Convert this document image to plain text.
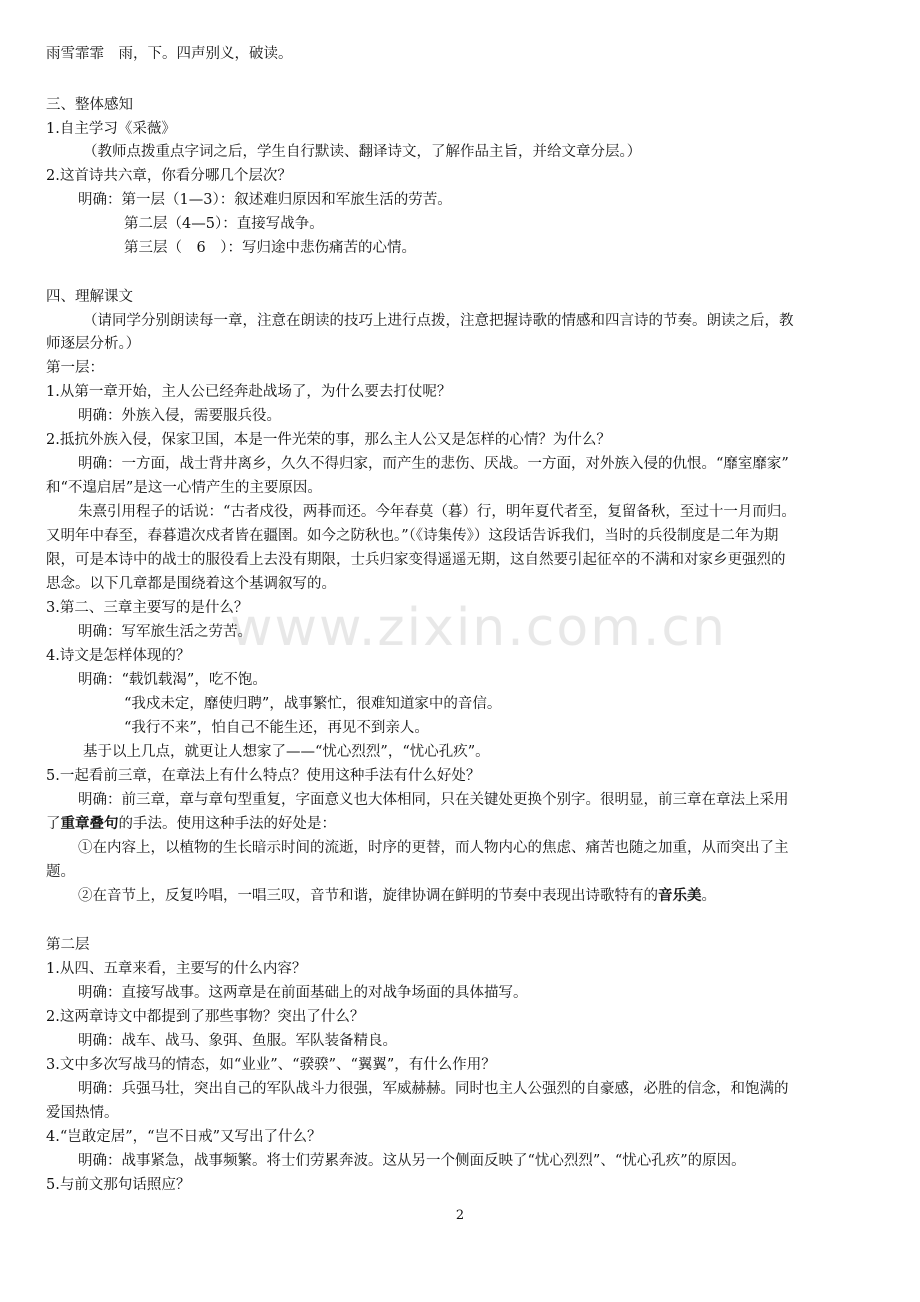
www.zixin.com.cn
雨雪霏霏　雨，下。四声别义，破读。
三、整体感知
1.自主学习《采薇》
（教师点拨重点字词之后，学生自行默读、翻译诗文，了解作品主旨，并给文章分层。）
2.这首诗共六章，你看分哪几个层次？
明确：第一层（1—3）：叙述难归原因和军旅生活的劳苦。
第二层（4—5）：直接写战争。
第三层（　6　）：写归途中悲伤痛苦的心情。
四、理解课文
（请同学分别朗读每一章，注意在朗读的技巧上进行点拨，注意把握诗歌的情感和四言诗的节奏。朗读之后，教
师逐层分析。）
第一层：
1.从第一章开始，主人公已经奔赴战场了，为什么要去打仗呢？
明确：外族入侵，需要服兵役。
2.抵抗外族入侵，保家卫国，本是一件光荣的事，那么主人公又是怎样的心情？为什么？
明确：一方面，战士背井离乡，久久不得归家，而产生的悲伤、厌战。一方面，对外族入侵的仇恨。“靡室靡家”
和“不遑启居”是这一心情产生的主要原因。
朱熹引用程子的话说：“古者戍役，两朞而还。今年春莫（暮）行，明年夏代者至，复留备秋，至过十一月而归。
又明年中春至，春暮遣次戍者皆在疆圉。如今之防秋也。”（《诗集传》）这段话告诉我们，当时的兵役制度是二年为期
限，可是本诗中的战士的服役看上去没有期限，士兵归家变得遥遥无期，这自然要引起征卒的不满和对家乡更强烈的
思念。以下几章都是围绕着这个基调叙写的。
3.第二、三章主要写的是什么？
明确：写军旅生活之劳苦。
4.诗文是怎样体现的？
明确：“载饥载渴”，吃不饱。
“我戍未定，靡使归聘”，战事繁忙，很难知道家中的音信。
“我行不来”，怕自己不能生还，再见不到亲人。
基于以上几点，就更让人想家了——“忧心烈烈”，“忧心孔疚”。
5.一起看前三章，在章法上有什么特点？使用这种手法有什么好处？
明确：前三章，章与章句型重复，字面意义也大体相同，只在关键处更换个别字。很明显，前三章在章法上采用
了重章叠句的手法。使用这种手法的好处是：
①在内容上，以植物的生长暗示时间的流逝，时序的更替，而人物内心的焦虑、痛苦也随之加重，从而突出了主
题。
②在音节上，反复吟唱，一唱三叹，音节和谐，旋律协调在鲜明的节奏中表现出诗歌特有的音乐美。
第二层
1.从四、五章来看，主要写的什么内容？
明确：直接写战事。这两章是在前面基础上的对战争场面的具体描写。
2.这两章诗文中都提到了那些事物？突出了什么？
明确：战车、战马、象弭、鱼服。军队装备精良。
3.文中多次写战马的情态，如“业业”、“骙骙”、“翼翼”，有什么作用？
明确：兵强马壮，突出自己的军队战斗力很强，军威赫赫。同时也主人公强烈的自豪感，必胜的信念，和饱满的
爱国热情。
4.“岂敢定居”，“岂不日戒”又写出了什么？
明确：战事紧急，战事频繁。将士们劳累奔波。这从另一个侧面反映了“忧心烈烈”、“忧心孔疚”的原因。
5.与前文那句话照应？
2
